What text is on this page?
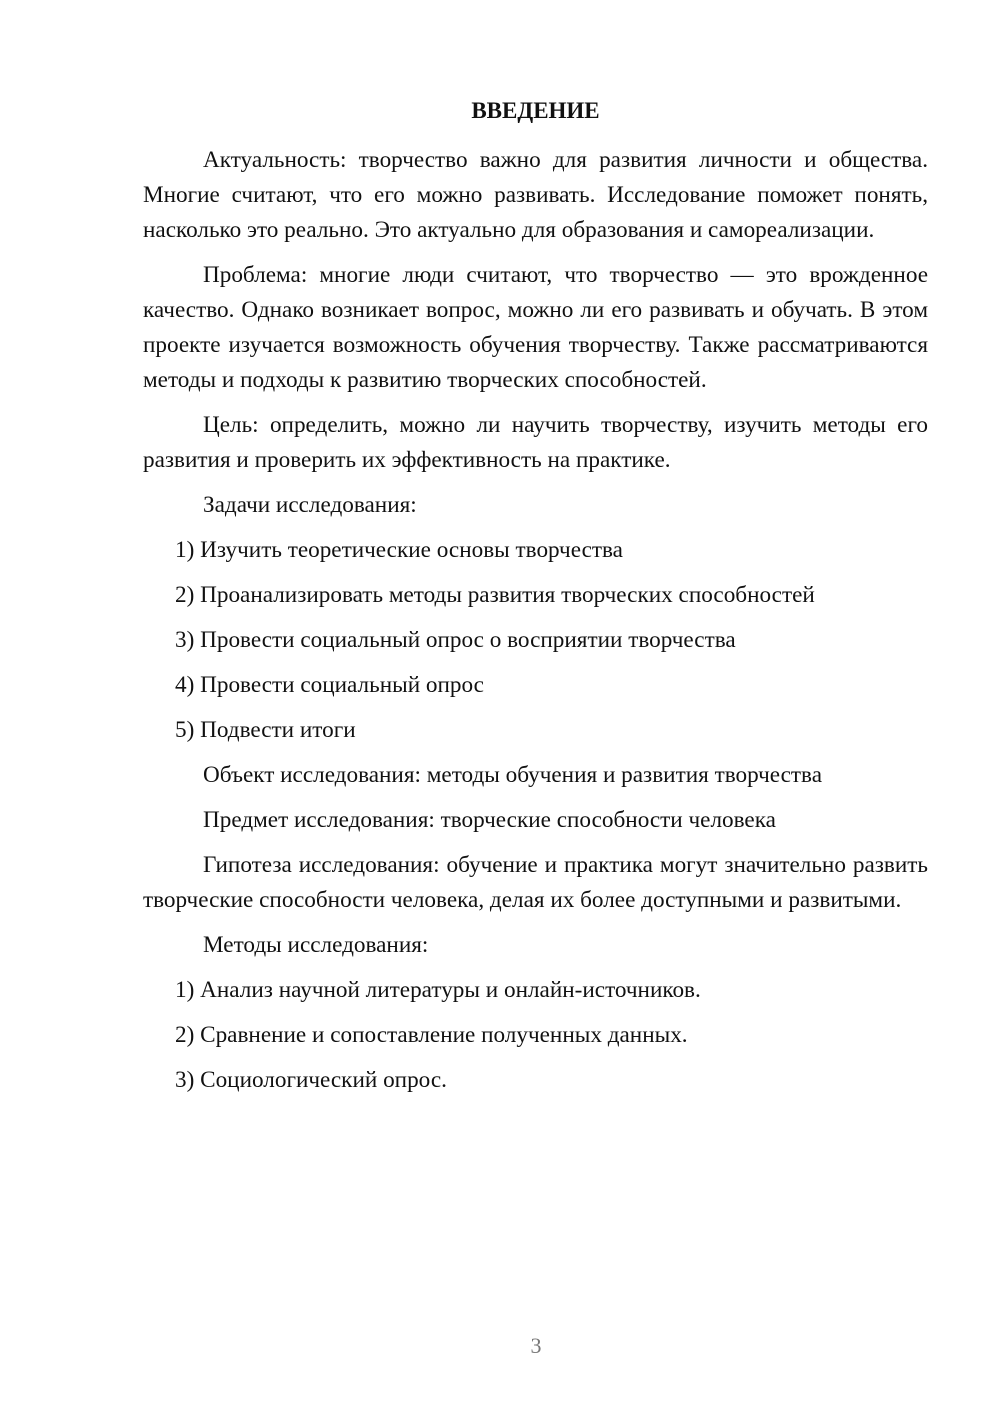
ВВЕДЕНИЕ

Актуальность: творчество важно для развития личности и общества. Многие считают, что его можно развивать. Исследование поможет понять, насколько это реально. Это актуально для образования и самореализации.

Проблема: многие люди считают, что творчество — это врожденное качество. Однако возникает вопрос, можно ли его развивать и обучать. В этом проекте изучается возможность обучения творчеству. Также рассматриваются методы и подходы к развитию творческих способностей.

Цель: определить, можно ли научить творчеству, изучить методы его развития и проверить их эффективность на практике.

Задачи исследования:
1) Изучить теоретические основы творчества
2) Проанализировать методы развития творческих способностей
3) Провести социальный опрос о восприятии творчества
4) Провести социальный опрос
5) Подвести итоги
Объект исследования: методы обучения и развития творчества
Предмет исследования: творческие способности человека

Гипотеза исследования: обучение и практика могут значительно развить творческие способности человека, делая их более доступными и развитыми.

Методы исследования:
1) Анализ научной литературы и онлайн-источников.
2) Сравнение и сопоставление полученных данных.
3) Социологический опрос.
3
